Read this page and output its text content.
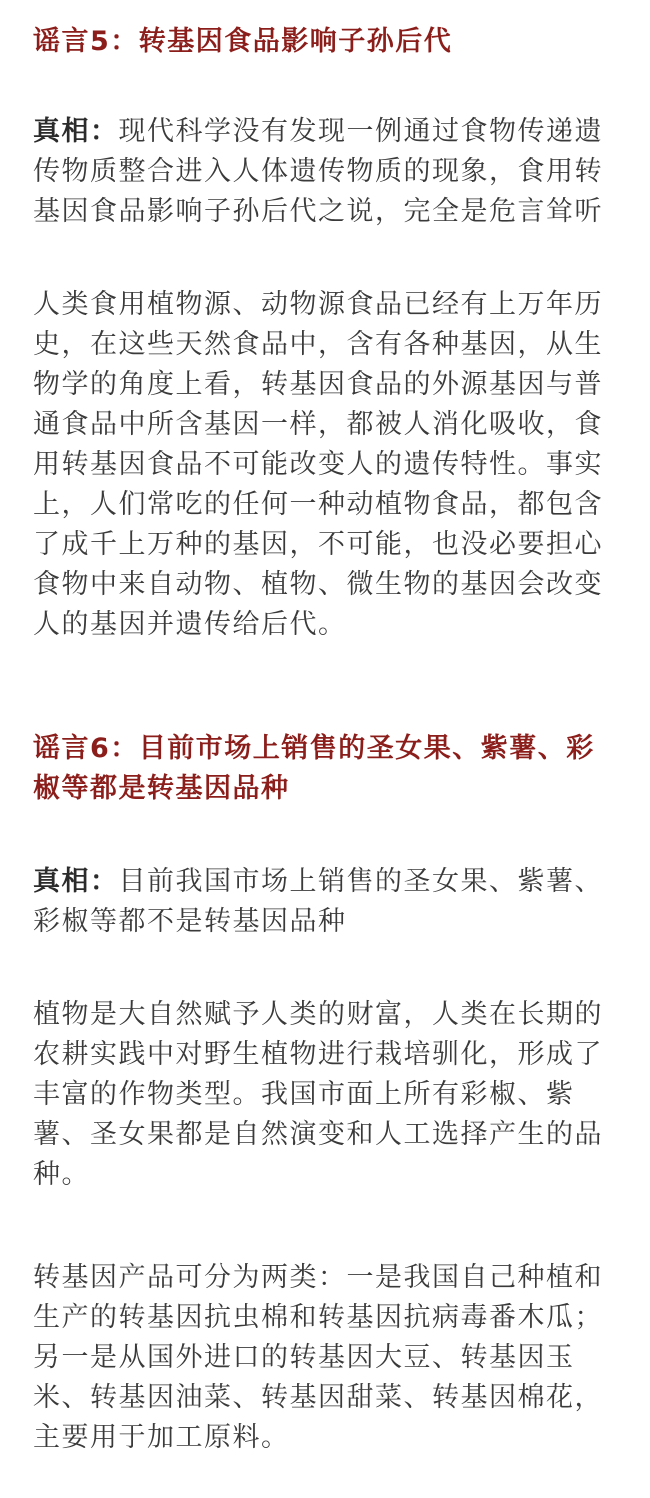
谣言5：转基因食品影响子孙后代

真相：现代科学没有发现一例通过食物传递遗传物质整合进入人体遗传物质的现象，食用转基因食品影响子孙后代之说，完全是危言耸听

人类食用植物源、动物源食品已经有上万年历史，在这些天然食品中，含有各种基因，从生物学的角度上看，转基因食品的外源基因与普通食品中所含基因一样，都被人消化吸收，食用转基因食品不可能改变人的遗传特性。事实上，人们常吃的任何一种动植物食品，都包含了成千上万种的基因，不可能，也没必要担心食物中来自动物、植物、微生物的基因会改变人的基因并遗传给后代。

谣言6：目前市场上销售的圣女果、紫薯、彩椒等都是转基因品种

真相：目前我国市场上销售的圣女果、紫薯、彩椒等都不是转基因品种

植物是大自然赋予人类的财富，人类在长期的农耕实践中对野生植物进行栽培驯化，形成了丰富的作物类型。我国市面上所有彩椒、紫薯、圣女果都是自然演变和人工选择产生的品种。

转基因产品可分为两类：一是我国自己种植和生产的转基因抗虫棉和转基因抗病毒番木瓜；另一是从国外进口的转基因大豆、转基因玉米、转基因油菜、转基因甜菜、转基因棉花，主要用于加工原料。
